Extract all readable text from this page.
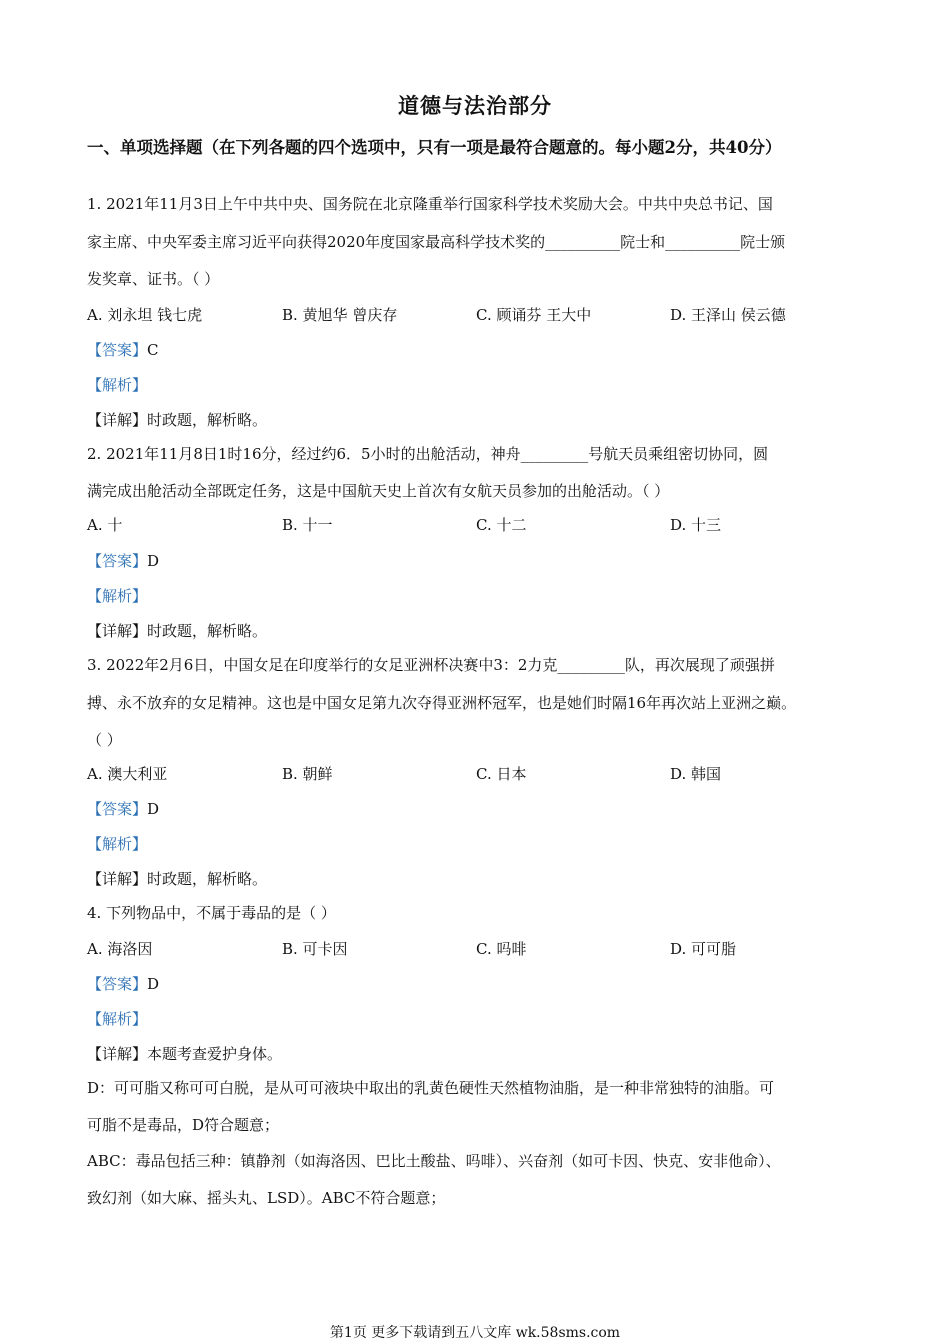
道德与法治部分
一、单项选择题（在下列各题的四个选项中，只有一项是最符合题意的。每小题2分，共40分）
1. 2021年11月3日上午中共中央、国务院在北京隆重举行国家科学技术奖励大会。中共中央总书记、国
家主席、中央军委主席习近平向获得2020年度国家最高科学技术奖的__________院士和__________院士颁
发奖章、证书。（ ）
A. 刘永坦 钱七虎	B. 黄旭华 曾庆存	C. 顾诵芬 王大中	D. 王泽山 侯云德
【答案】C
【解析】
【详解】时政题，解析略。
2. 2021年11月8日1时16分，经过约6．5小时的出舱活动，神舟_________号航天员乘组密切协同，圆
满完成出舱活动全部既定任务，这是中国航天史上首次有女航天员参加的出舱活动。（ ）
A. 十	B. 十一	C. 十二	D. 十三
【答案】D
【解析】
【详解】时政题，解析略。
3. 2022年2月6日，中国女足在印度举行的女足亚洲杯决赛中3：2力克_________队，再次展现了顽强拼
搏、永不放弃的女足精神。这也是中国女足第九次夺得亚洲杯冠军，也是她们时隔16年再次站上亚洲之巅。
（ ）
A. 澳大利亚	B. 朝鲜	C. 日本	D. 韩国
【答案】D
【解析】
【详解】时政题，解析略。
4. 下列物品中，不属于毒品的是（ ）
A. 海洛因	B. 可卡因	C. 吗啡	D. 可可脂
【答案】D
【解析】
【详解】本题考查爱护身体。
D：可可脂又称可可白脱，是从可可液块中取出的乳黄色硬性天然植物油脂，是一种非常独特的油脂。可
可脂不是毒品，D符合题意；
ABC：毒品包括三种：镇静剂（如海洛因、巴比土酸盐、吗啡）、兴奋剂（如可卡因、快克、安非他命）、
致幻剂（如大麻、摇头丸、LSD）。ABC不符合题意；
第1页 更多下载请到五八文库 wk.58sms.com
